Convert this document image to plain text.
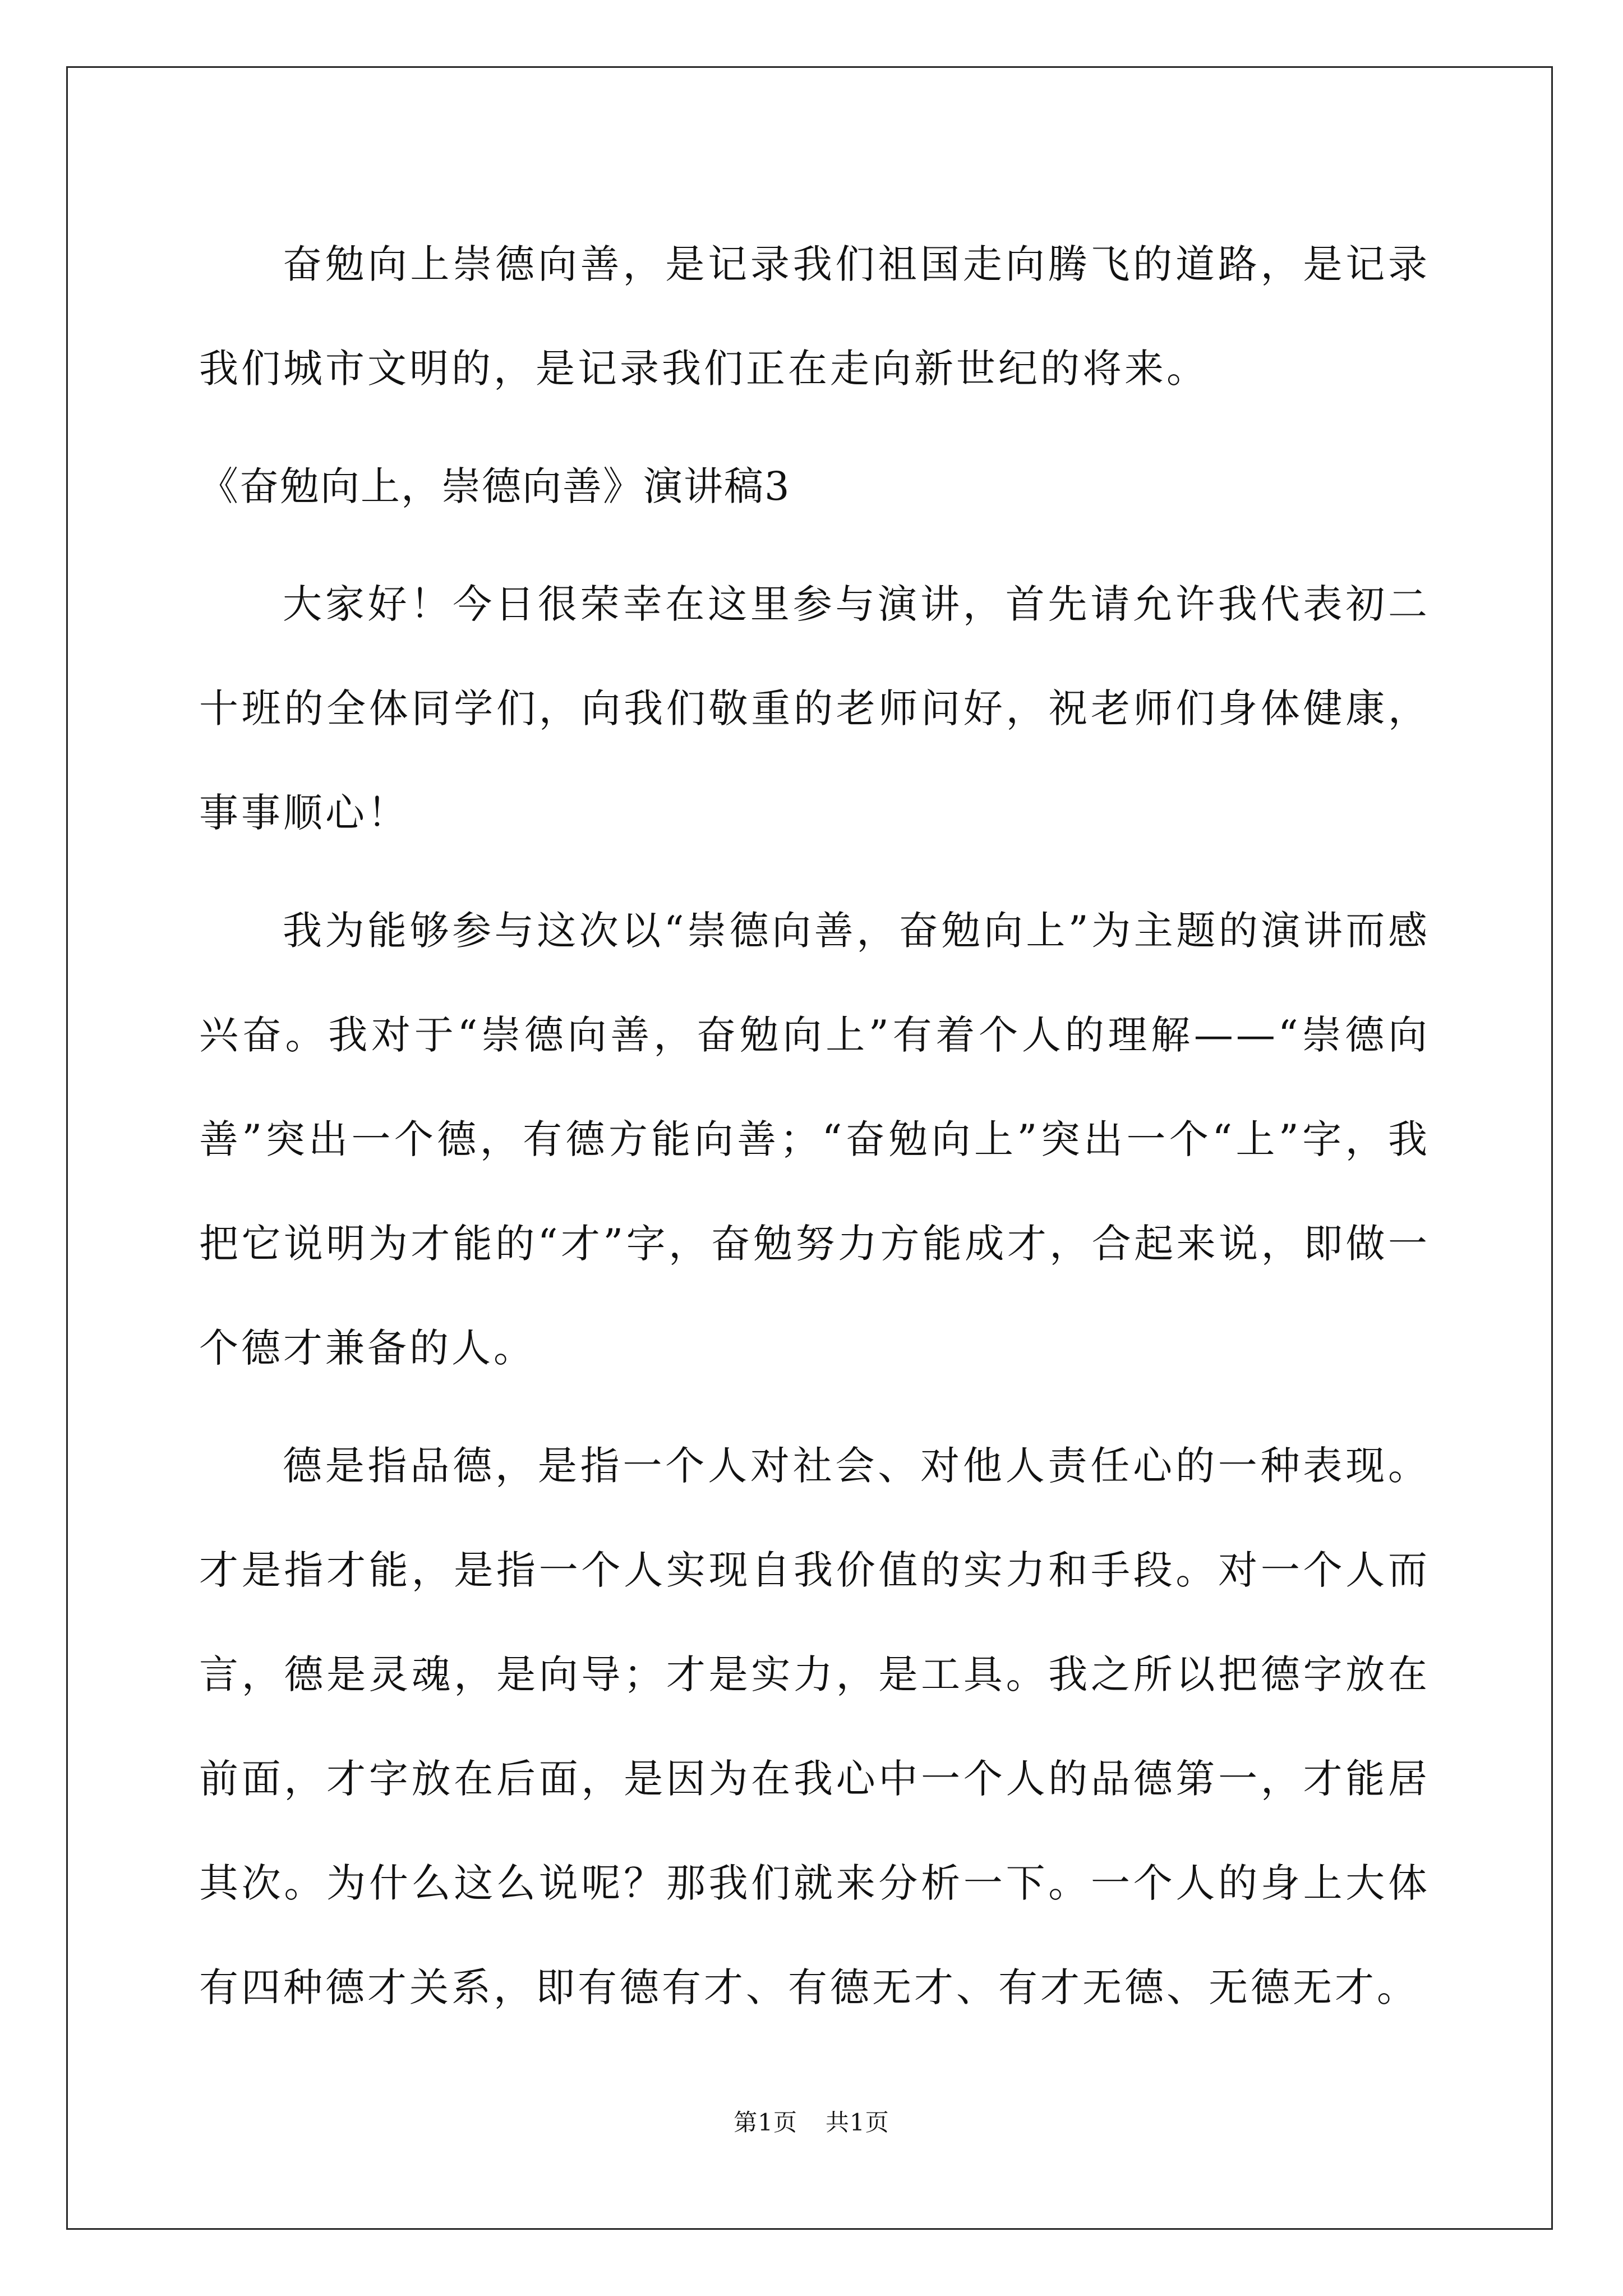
奋勉向上崇德向善，是记录我们祖国走向腾飞的道路，是记录我们城市文明的，是记录我们正在走向新世纪的将来。

《奋勉向上，崇德向善》演讲稿3

大家好！今日很荣幸在这里参与演讲，首先请允许我代表初二十班的全体同学们，向我们敬重的老师问好，祝老师们身体健康，事事顺心！

我为能够参与这次以“崇德向善，奋勉向上”为主题的演讲而感兴奋。我对于“崇德向善，奋勉向上”有着个人的理解——“崇德向善”突出一个德，有德方能向善；“奋勉向上”突出一个“上”字，我把它说明为才能的“才”字，奋勉努力方能成才，合起来说，即做一个德才兼备的人。

德是指品德，是指一个人对社会、对他人责任心的一种表现。才是指才能，是指一个人实现自我价值的实力和手段。对一个人而言，德是灵魂，是向导；才是实力，是工具。我之所以把德字放在前面，才字放在后面，是因为在我心中一个人的品德第一，才能居其次。为什么这么说呢？那我们就来分析一下。一个人的身上大体有四种德才关系，即有德有才、有德无才、有才无德、无德无才。

第1页 共1页
